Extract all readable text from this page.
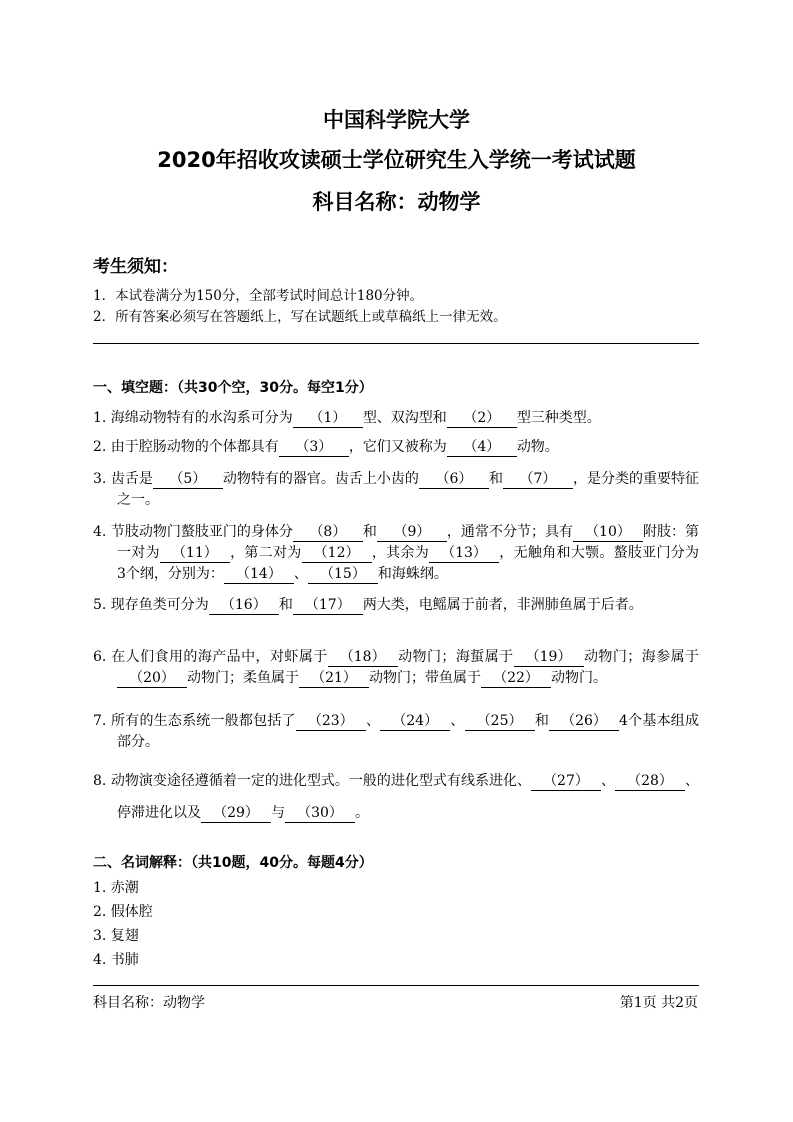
中国科学院大学
2020年招收攻读硕士学位研究生入学统一考试试题
科目名称：动物学
考生须知：
1．本试卷满分为150分，全部考试时间总计180分钟。
2．所有答案必须写在答题纸上，写在试题纸上或草稿纸上一律无效。
一、填空题：（共30个空，30分。每空1分）
1. 海绵动物特有的水沟系可分为 （1） 型、双沟型和 （2） 型三种类型。
2. 由于腔肠动物的个体都具有 （3） ，它们又被称为 （4） 动物。
3. 齿舌是 （5） 动物特有的器官。齿舌上小齿的 （6） 和 （7） ，是分类的重要特征之一。
4. 节肢动物门螯肢亚门的身体分 （8） 和 （9） ，通常不分节；具有 （10） 附肢：第一对为 （11） ，第二对为 （12） ，其余为 （13） ，无触角和大颚。螯肢亚门分为3个纲，分别为： （14） 、 （15） 和海蛛纲。
5. 现存鱼类可分为 （16） 和 （17） 两大类，电鳐属于前者，非洲肺鱼属于后者。
6. 在人们食用的海产品中，对虾属于 （18） 动物门；海蜇属于 （19） 动物门；海参属于（20） 动物门；柔鱼属于 （21） 动物门；带鱼属于 （22） 动物门。
7. 所有的生态系统一般都包括了 （23） 、 （24） 、 （25） 和 （26） 4个基本组成部分。
8. 动物演变途径遵循着一定的进化型式。一般的进化型式有线系进化、 （27） 、 （28） 、停滞进化以及 （29） 与 （30） 。
二、名词解释：（共10题，40分。每题4分）
1. 赤潮
2. 假体腔
3. 复翅
4. 书肺
科目名称：动物学	第1页 共2页
